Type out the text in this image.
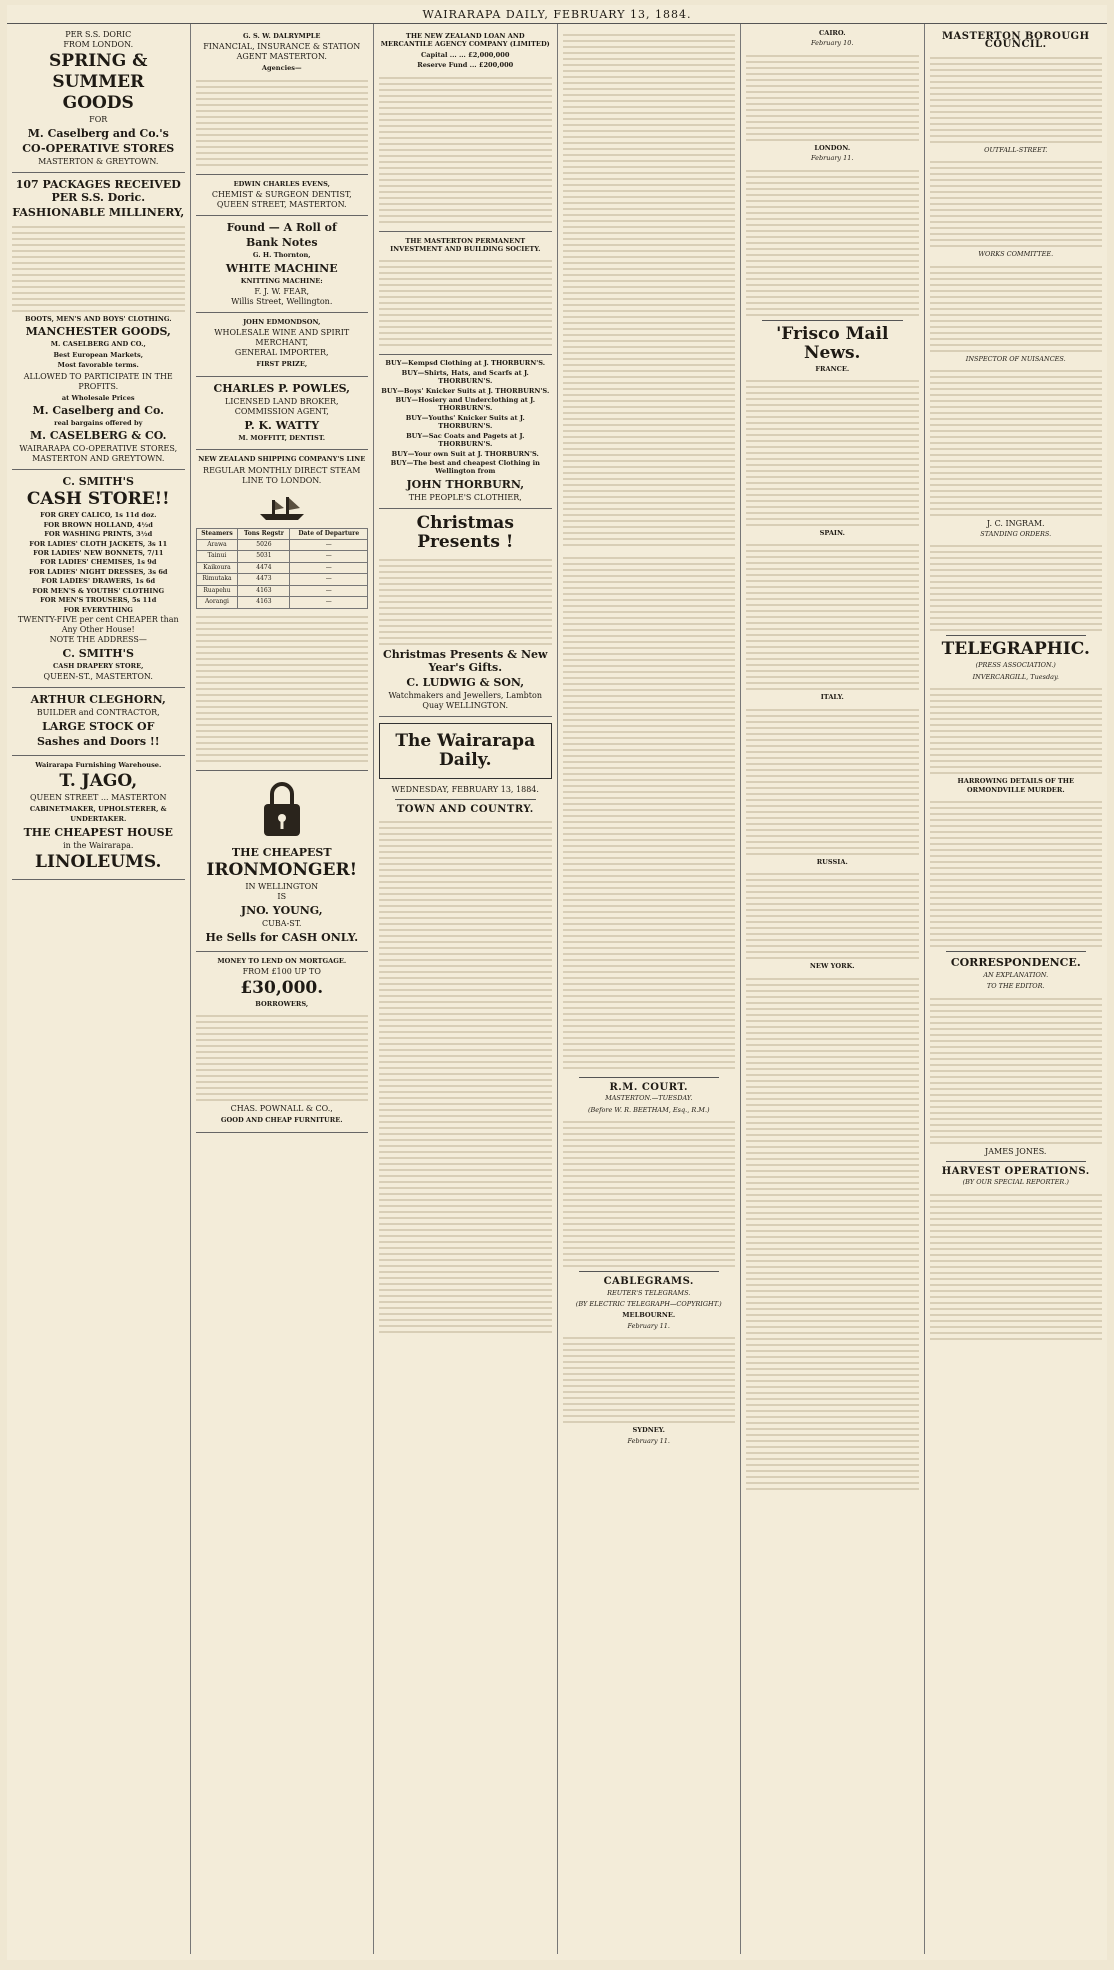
WAIRARAPA DAILY, FEBRUARY 13, 1884.
PER S.S. DORIC
FROM LONDON.
SPRING &
SUMMER
GOODS
FOR
M. Caselberg and Co.'s
CO-OPERATIVE STORES
MASTERTON & GREYTOWN.
107 PACKAGES RECEIVED PER S.S. Doric.
FASHIONABLE MILLINERY,
BOOTS, MEN'S AND BOYS' CLOTHING.
MANCHESTER GOODS,
M. CASELBERG AND CO.,
Best European Markets,
Most favorable terms.
ALLOWED TO PARTICIPATE IN THE PROFITS.
at Wholesale Prices
M. Caselberg and Co.
real bargains offered by
M. CASELBERG & CO.
WAIRARAPA CO-OPERATIVE STORES,
MASTERTON AND GREYTOWN.
C. SMITH'S
CASH STORE!!

FOR GREY CALICO, 1s 11d doz.

FOR BROWN HOLLAND, 4½d

FOR WASHING PRINTS, 3½d

FOR LADIES' CLOTH JACKETS, 3s 11

FOR LADIES' NEW BONNETS, 7/11

FOR LADIES' CHEMISES, 1s 9d

FOR LADIES' NIGHT DRESSES, 3s 6d

FOR LADIES' DRAWERS, 1s 6d

FOR MEN'S & YOUTHS' CLOTHING

FOR MEN'S TROUSERS, 5s 11d

FOR EVERYTHING

TWENTY-FIVE per cent CHEAPER than Any Other House!
NOTE THE ADDRESS—
C. SMITH'S
CASH DRAPERY STORE,
QUEEN-ST., MASTERTON.
ARTHUR CLEGHORN,
BUILDER and CONTRACTOR,
LARGE STOCK OF
Sashes and Doors !!
Wairarapa Furnishing Warehouse.
T. JAGO,
QUEEN STREET ... MASTERTON
CABINETMAKER, UPHOLSTERER, &
UNDERTAKER.
THE CHEAPEST HOUSE
in the Wairarapa.
LINOLEUMS.
G. S. W. DALRYMPLE
FINANCIAL, INSURANCE & STATION AGENT MASTERTON.
Agencies—
EDWIN CHARLES EVENS,
CHEMIST & SURGEON DENTIST,
QUEEN STREET, MASTERTON.
Found — A Roll of
Bank Notes
G. H. Thornton,
WHITE MACHINE
KNITTING MACHINE:
F. J. W. FEAR,
Willis Street, Wellington.
JOHN EDMONDSON,
WHOLESALE WINE AND SPIRIT MERCHANT,
GENERAL IMPORTER,
FIRST PRIZE,
CHARLES P. POWLES,
LICENSED LAND BROKER,
COMMISSION AGENT,
P. K. WATTY
M. MOFFITT, DENTIST.
NEW ZEALAND SHIPPING COMPANY'S LINE
REGULAR MONTHLY DIRECT STEAM LINE TO LONDON.
Steamers	Tons Regstr	Date of Departure
Arawa	5026	—
Tainui	5031	—
Kaikoura	4474	—
Rimutaka	4473	—
Ruapehu	4163	—
Aorangi	4163	—
THE CHEAPEST
IRONMONGER!
IN WELLINGTON
IS
JNO. YOUNG,
CUBA-ST.
He Sells for CASH ONLY.
MONEY TO LEND ON MORTGAGE.
FROM £100 UP TO
£30,000.
BORROWERS,
CHAS. POWNALL & CO.,
GOOD AND CHEAP FURNITURE.
THE NEW ZEALAND LOAN AND MERCANTILE AGENCY COMPANY (LIMITED)
Capital ... ... £2,000,000
Reserve Fund ... £200,000
THE MASTERTON PERMANENT INVESTMENT AND BUILDING SOCIETY.

BUY—Kempsd Clothing at J. THORBURN'S.

BUY—Shirts, Hats, and Scarfs at J. THORBURN'S.

BUY—Boys' Knicker Suits at J. THORBURN'S.

BUY—Hosiery and Underclothing at J. THORBURN'S.

BUY—Youths' Knicker Suits at J. THORBURN'S.

BUY—Sac Coats and Pagets at J. THORBURN'S.

BUY—Your own Suit at J. THORBURN'S.

BUY—The best and cheapest Clothing in Wellington from

JOHN THORBURN,
THE PEOPLE'S CLOTHIER,
Christmas Presents !
Christmas Presents & New Year's Gifts.
C. LUDWIG & SON,
Watchmakers and Jewellers, Lambton Quay WELLINGTON.
The Wairarapa Daily.
WEDNESDAY, FEBRUARY 13, 1884.
TOWN AND COUNTRY.
R.M. COURT.
MASTERTON.—TUESDAY.
(Before W. R. BEETHAM, Esq., R.M.)
CABLEGRAMS.
REUTER'S TELEGRAMS.
(BY ELECTRIC TELEGRAPH—COPYRIGHT.)
MELBOURNE.
February 11.
SYDNEY.
February 11.
CAIRO.
February 10.
LONDON.
February 11.
'Frisco Mail News.
FRANCE.
SPAIN.
ITALY.
RUSSIA.
NEW YORK.
MASTERTON BOROUGH COUNCIL.
OUTFALL-STREET.
WORKS COMMITTEE.
INSPECTOR OF NUISANCES.
J. C. INGRAM.
STANDING ORDERS.
TELEGRAPHIC.
(PRESS ASSOCIATION.)
INVERCARGILL, Tuesday.
HARROWING DETAILS OF THE ORMONDVILLE MURDER.
CORRESPONDENCE.
AN EXPLANATION.
TO THE EDITOR.
JAMES JONES.
HARVEST OPERATIONS.
(BY OUR SPECIAL REPORTER.)
